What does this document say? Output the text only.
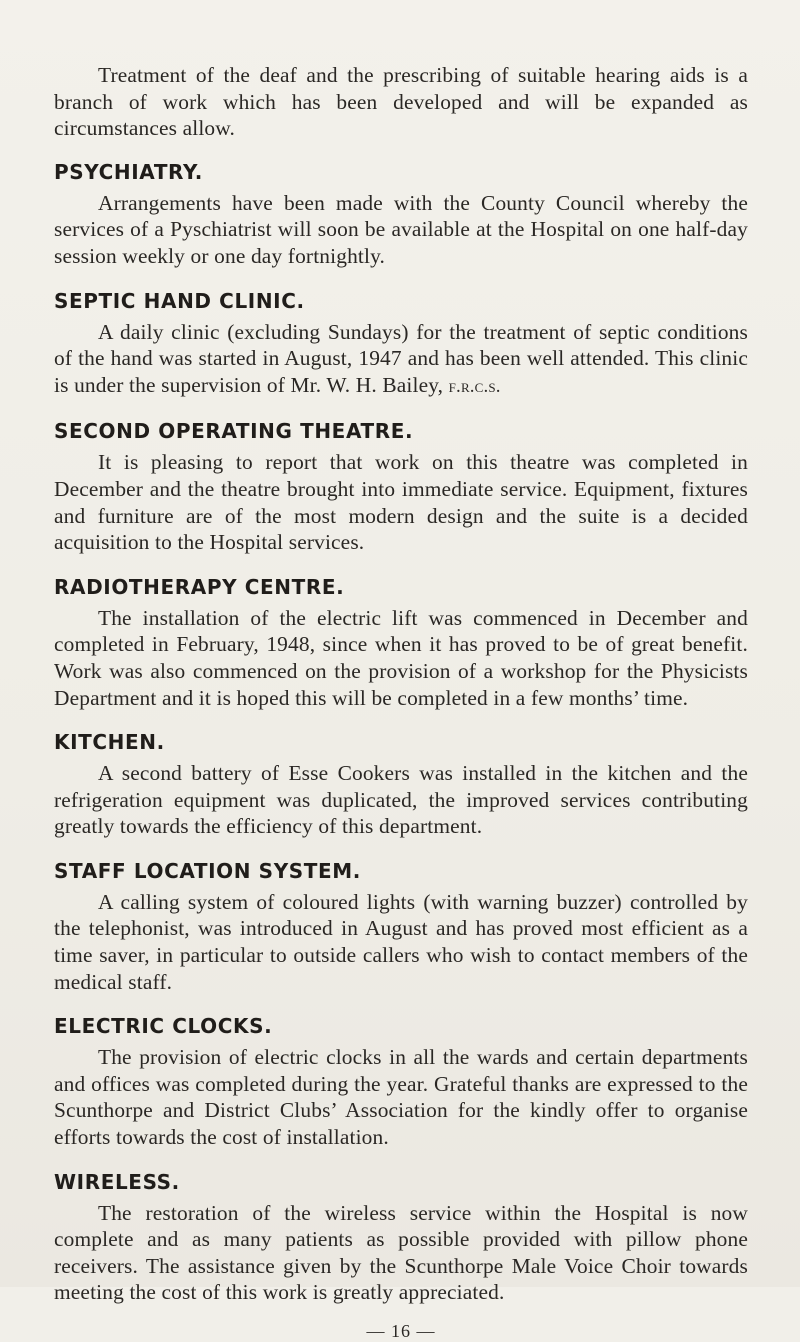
Treatment of the deaf and the prescribing of suitable hearing aids is a branch of work which has been developed and will be expanded as circumstances allow.

PSYCHIATRY.

Arrangements have been made with the County Council whereby the services of a Pyschiatrist will soon be available at the Hospital on one half-day session weekly or one day fortnightly.

SEPTIC HAND CLINIC.

A daily clinic (excluding Sundays) for the treatment of septic conditions of the hand was started in August, 1947 and has been well attended. This clinic is under the supervision of Mr. W. H. Bailey, f.r.c.s.

SECOND OPERATING THEATRE.

It is pleasing to report that work on this theatre was completed in December and the theatre brought into immediate service. Equipment, fixtures and furniture are of the most modern design and the suite is a decided acquisition to the Hospital services.

RADIOTHERAPY CENTRE.

The installation of the electric lift was commenced in December and completed in February, 1948, since when it has proved to be of great benefit. Work was also commenced on the provision of a workshop for the Physicists Department and it is hoped this will be completed in a few months’ time.

KITCHEN.

A second battery of Esse Cookers was installed in the kitchen and the refrigeration equipment was duplicated, the improved services contributing greatly towards the efficiency of this department.

STAFF LOCATION SYSTEM.

A calling system of coloured lights (with warning buzzer) controlled by the telephonist, was introduced in August and has proved most efficient as a time saver, in particular to outside callers who wish to contact members of the medical staff.

ELECTRIC CLOCKS.

The provision of electric clocks in all the wards and certain departments and offices was completed during the year. Grateful thanks are expressed to the Scunthorpe and District Clubs’ Association for the kindly offer to organise efforts towards the cost of installation.

WIRELESS.

The restoration of the wireless service within the Hospital is now complete and as many patients as possible provided with pillow phone receivers. The assistance given by the Scunthorpe Male Voice Choir towards meeting the cost of this work is greatly appreciated.

— 16 —
